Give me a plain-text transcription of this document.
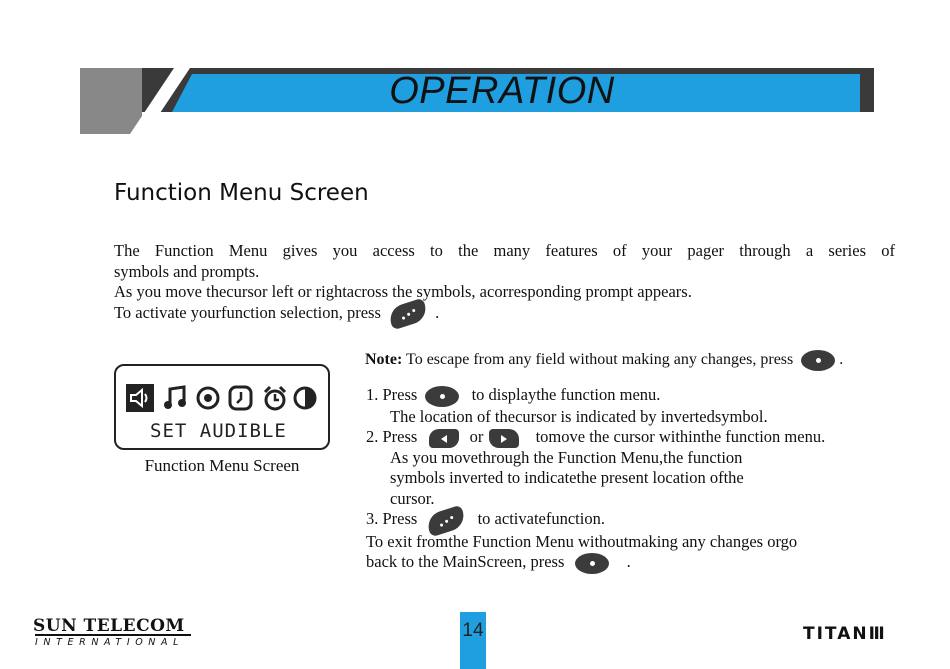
OPERATION
Function Menu Screen
The Function Menu gives you access to the many features of your pager through a series of
symbols and prompts.
As you move thecursor left or rightacross the symbols, acorresponding prompt appears.
To activate yourfunction selection, press	.
SET AUDIBLE
Function Menu Screen
Note: To escape from any field without making any changes, press	.
1. Press	to displaythe function menu.
The location of thecursor is indicated by invertedsymbol.
2. Press	or	tomove the cursor withinthe function menu.
As you movethrough the Function Menu,the function
symbols inverted to indicatethe present location ofthe
cursor.
3. Press	to activatefunction.
To exit fromthe Function Menu withoutmaking any changes orgo
back to the MainScreen, press	.
SUN TELECOM
INTERNATIONAL
14	TITANⅢ
